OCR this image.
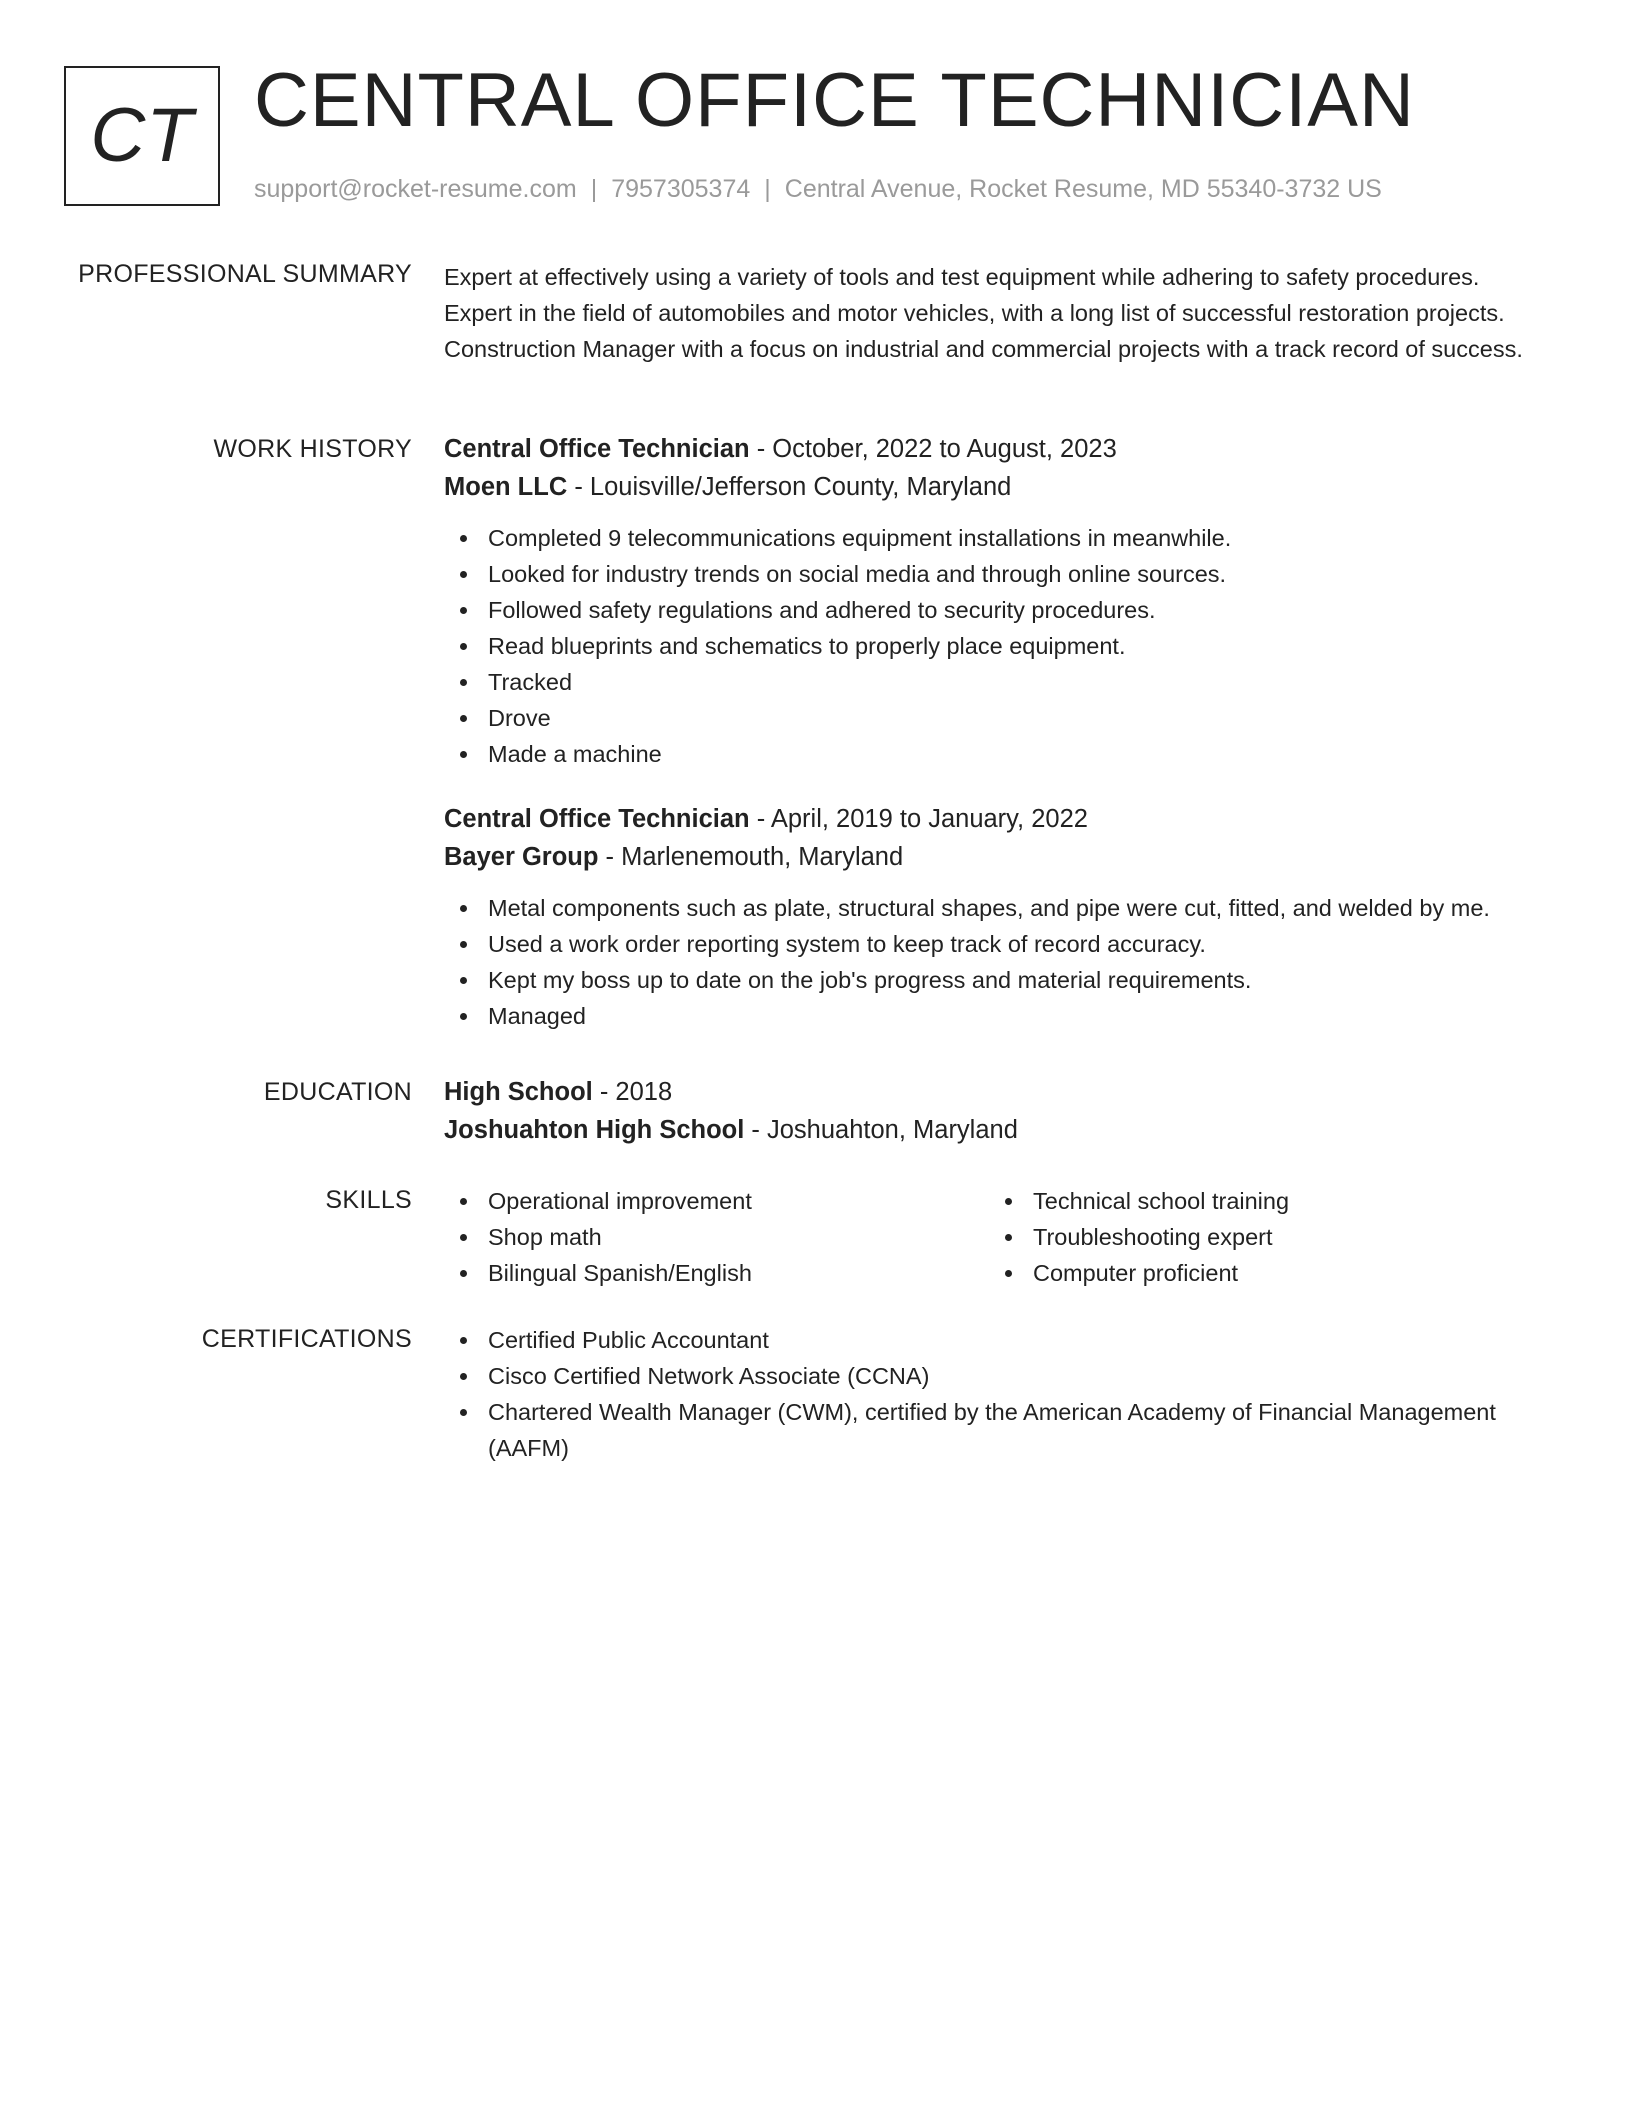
CT CENTRAL OFFICE TECHNICIAN
support@rocket-resume.com | 7957305374 | Central Avenue, Rocket Resume, MD 55340-3732 US
PROFESSIONAL SUMMARY Expert at effectively using a variety of tools and test equipment while adhering to safety procedures. Expert in the field of automobiles and motor vehicles, with a long list of successful restoration projects. Construction Manager with a focus on industrial and commercial projects with a track record of success.

WORK HISTORY Central Office Technician - October, 2022 to August, 2023
Moen LLC - Louisville/Jefferson County, Maryland
Completed 9 telecommunications equipment installations in meanwhile.
Looked for industry trends on social media and through online sources.
Followed safety regulations and adhered to security procedures.
Read blueprints and schematics to properly place equipment.
Tracked
Drove
Made a machine
Central Office Technician - April, 2019 to January, 2022
Bayer Group - Marlenemouth, Maryland
Metal components such as plate, structural shapes, and pipe were cut, fitted, and welded by me.
Used a work order reporting system to keep track of record accuracy.
Kept my boss up to date on the job's progress and material requirements.
Managed
EDUCATION High School - 2018
Joshuahton High School - Joshuahton, Maryland
SKILLS	Operational improvement
Shop math
Bilingual Spanish/English
Technical school training
Troubleshooting expert
Computer proficient
CERTIFICATIONS	Certified Public Accountant
Cisco Certified Network Associate (CCNA)
Chartered Wealth Manager (CWM), certified by the American Academy of Financial Management (AAFM)
